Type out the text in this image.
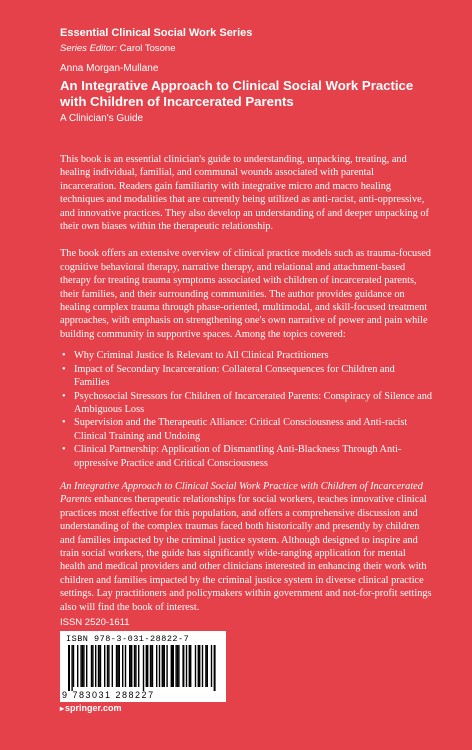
Essential Clinical Social Work Series
Series Editor: Carol Tosone
Anna Morgan-Mullane
An Integrative Approach to Clinical Social Work Practice with Children of Incarcerated Parents
A Clinician's Guide

This book is an essential clinician's guide to understanding, unpacking, treating, and healing individual, familial, and communal wounds associated with parental incarceration. Readers gain familiarity with integrative micro and macro healing techniques and modalities that are currently being utilized as anti-racist, anti-oppressive, and innovative practices. They also develop an understanding of and deeper unpacking of their own biases within the therapeutic relationship.

The book offers an extensive overview of clinical practice models such as trauma-focused cognitive behavioral therapy, narrative therapy, and relational and attachment-based therapy for treating trauma symptoms associated with children of incarcerated parents, their families, and their surrounding communities. The author provides guidance on healing complex trauma through phase-oriented, multimodal, and skill-focused treatment approaches, with emphasis on strengthening one's own narrative of power and pain while building community in supportive spaces. Among the topics covered:

• Why Criminal Justice Is Relevant to All Clinical Practitioners
• Impact of Secondary Incarceration: Collateral Consequences for Children and Families
• Psychosocial Stressors for Children of Incarcerated Parents: Conspiracy of Silence and Ambiguous Loss
• Supervision and the Therapeutic Alliance: Critical Consciousness and Anti-racist Clinical Training and Undoing
• Clinical Partnership: Application of Dismantling Anti-Blackness Through Anti-oppressive Practice and Critical Consciousness

An Integrative Approach to Clinical Social Work Practice with Children of Incarcerated Parents enhances therapeutic relationships for social workers, teaches innovative clinical practices most effective for this population, and offers a comprehensive discussion and understanding of the complex traumas faced both historically and presently by children and families impacted by the criminal justice system. Although designed to inspire and train social workers, the guide has significantly wide-ranging application for mental health and medical providers and other clinicians interested in enhancing their work with children and families impacted by the criminal justice system in diverse clinical practice settings. Lay practitioners and policymakers within government and not-for-profit settings also will find the book of interest.

ISSN 2520-1611
ISBN 978-3-031-28822-7
9 783031 288227
▸springer.com
